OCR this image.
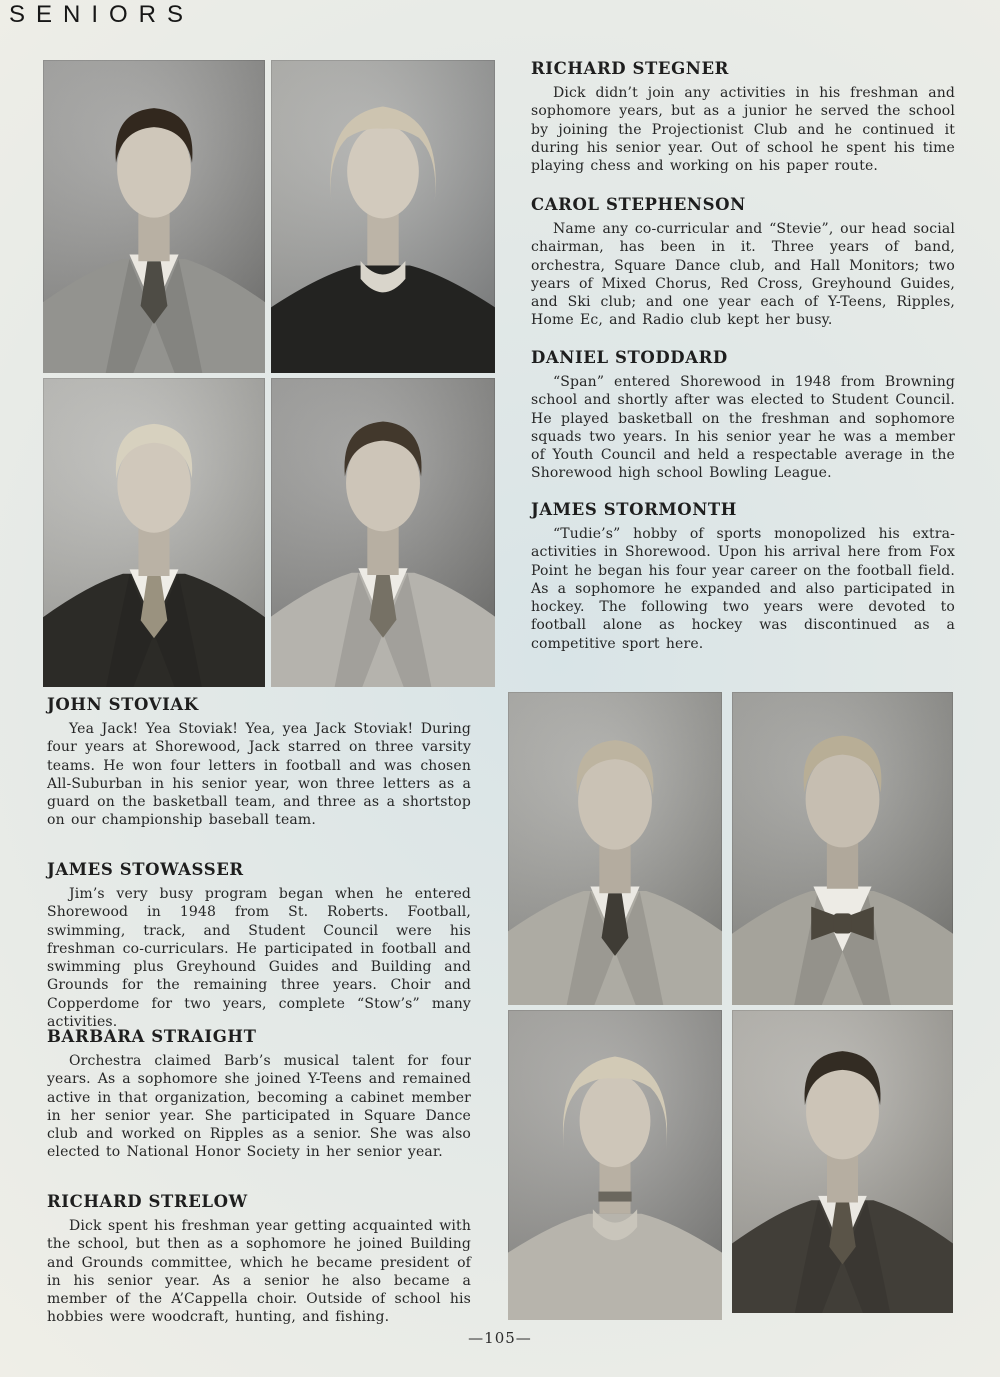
SENIORS
RICHARD STEGNER

Dick didn’t join any activities in his freshman and sophomore years, but as a junior he served the school by joining the Projectionist Club and he continued it during his senior year. Out of school he spent his time playing chess and working on his paper route.

CAROL STEPHENSON

Name any co-curricular and “Stevie”, our head social chairman, has been in it. Three years of band, orchestra, Square Dance club, and Hall Monitors; two years of Mixed Chorus, Red Cross, Greyhound Guides, and Ski club; and one year each of Y-Teens, Ripples, Home Ec, and Radio club kept her busy.

DANIEL STODDARD

“Span” entered Shorewood in 1948 from Browning school and shortly after was elected to Student Council. He played basketball on the freshman and sophomore squads two years. In his senior year he was a member of Youth Council and held a respectable average in the Shorewood high school Bowling League.

JAMES STORMONTH

“Tudie’s” hobby of sports monopolized his extra-activities in Shorewood. Upon his arrival here from Fox Point he began his four year career on the football field. As a sophomore he expanded and also participated in hockey. The following two years were devoted to football alone as hockey was discontinued as a competitive sport here.

JOHN STOVIAK

Yea Jack! Yea Stoviak! Yea, yea Jack Stoviak! During four years at Shorewood, Jack starred on three varsity teams. He won four letters in football and was chosen All-Suburban in his senior year, won three letters as a guard on the basketball team, and three as a shortstop on our championship baseball team.

JAMES STOWASSER

Jim’s very busy program began when he entered Shorewood in 1948 from St. Roberts. Football, swimming, track, and Student Council were his freshman co-curriculars. He participated in football and swimming plus Greyhound Guides and Building and Grounds for the remaining three years. Choir and Copperdome for two years, complete “Stow’s” many activities.

BARBARA STRAIGHT

Orchestra claimed Barb’s musical talent for four years. As a sophomore she joined Y-Teens and remained active in that organization, becoming a cabinet member in her senior year. She participated in Square Dance club and worked on Ripples as a senior. She was also elected to National Honor Society in her senior year.

RICHARD STRELOW

Dick spent his freshman year getting acquainted with the school, but then as a sophomore he joined Building and Grounds committee, which he became president of in his senior year. As a senior he also became a member of the A’Cappella choir. Outside of school his hobbies were woodcraft, hunting, and fishing.

—105—
